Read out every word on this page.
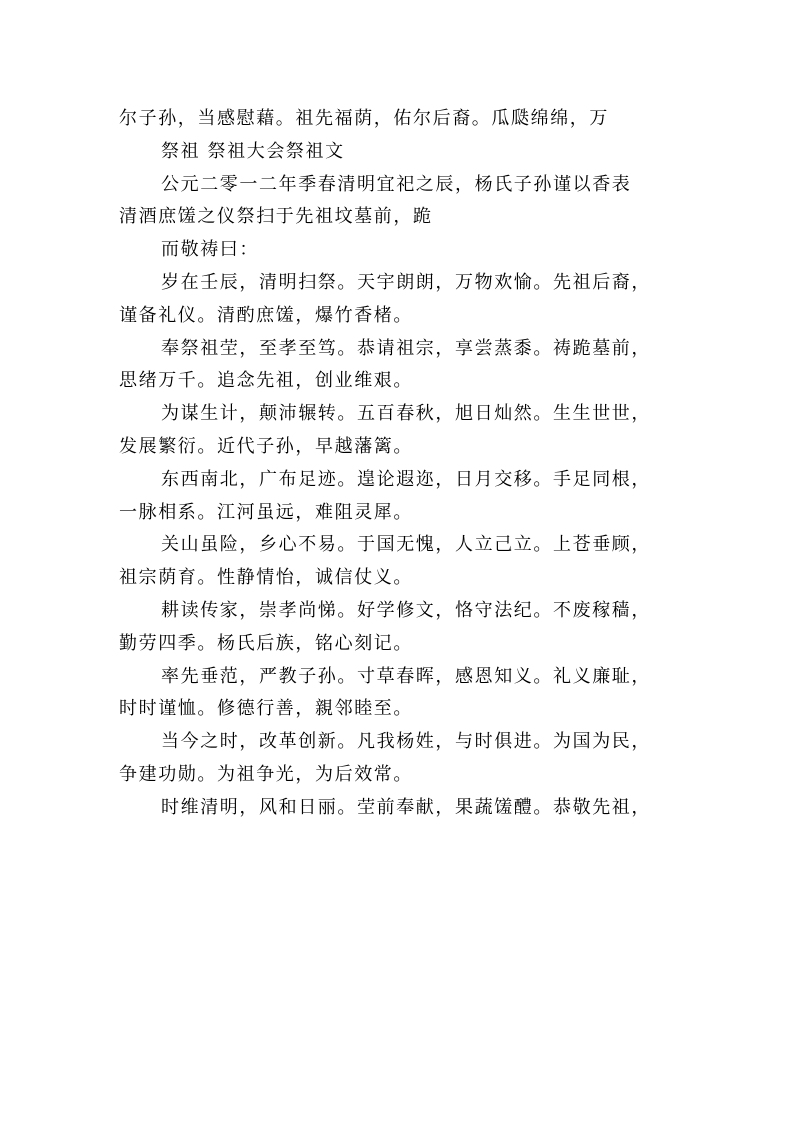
尔子孙，当感慰藉。祖先福荫，佑尔后裔。瓜瓞绵绵，万
祭祖 祭祖大会祭祖文
公元二零一二年季春清明宜祀之辰，杨氏子孙谨以香表
清酒庶馐之仪祭扫于先祖坟墓前，跪
而敬祷曰：
岁在壬辰，清明扫祭。天宇朗朗，万物欢愉。先祖后裔，
谨备礼仪。清酌庶馐，爆竹香楮。
奉祭祖茔，至孝至笃。恭请祖宗，享尝蒸黍。祷跪墓前，
思绪万千。追念先祖，创业维艰。
为谋生计，颠沛辗转。五百春秋，旭日灿然。生生世世，
发展繁衍。近代子孙，早越藩篱。
东西南北，广布足迹。遑论遐迩，日月交移。手足同根，
一脉相系。江河虽远，难阻灵犀。
关山虽险，乡心不易。于国无愧，人立己立。上苍垂顾，
祖宗荫育。性静情怡，诚信仗义。
耕读传家，崇孝尚悌。好学修文，恪守法纪。不废稼穑，
勤劳四季。杨氏后族，铭心刻记。
率先垂范，严教子孙。寸草春晖，感恩知义。礼义廉耻，
时时谨恤。修德行善，親邻睦至。
当今之时，改革创新。凡我杨姓，与时俱进。为国为民，
争建功勋。为祖争光，为后效常。
时维清明，风和日丽。茔前奉献，果蔬馐醴。恭敬先祖，
